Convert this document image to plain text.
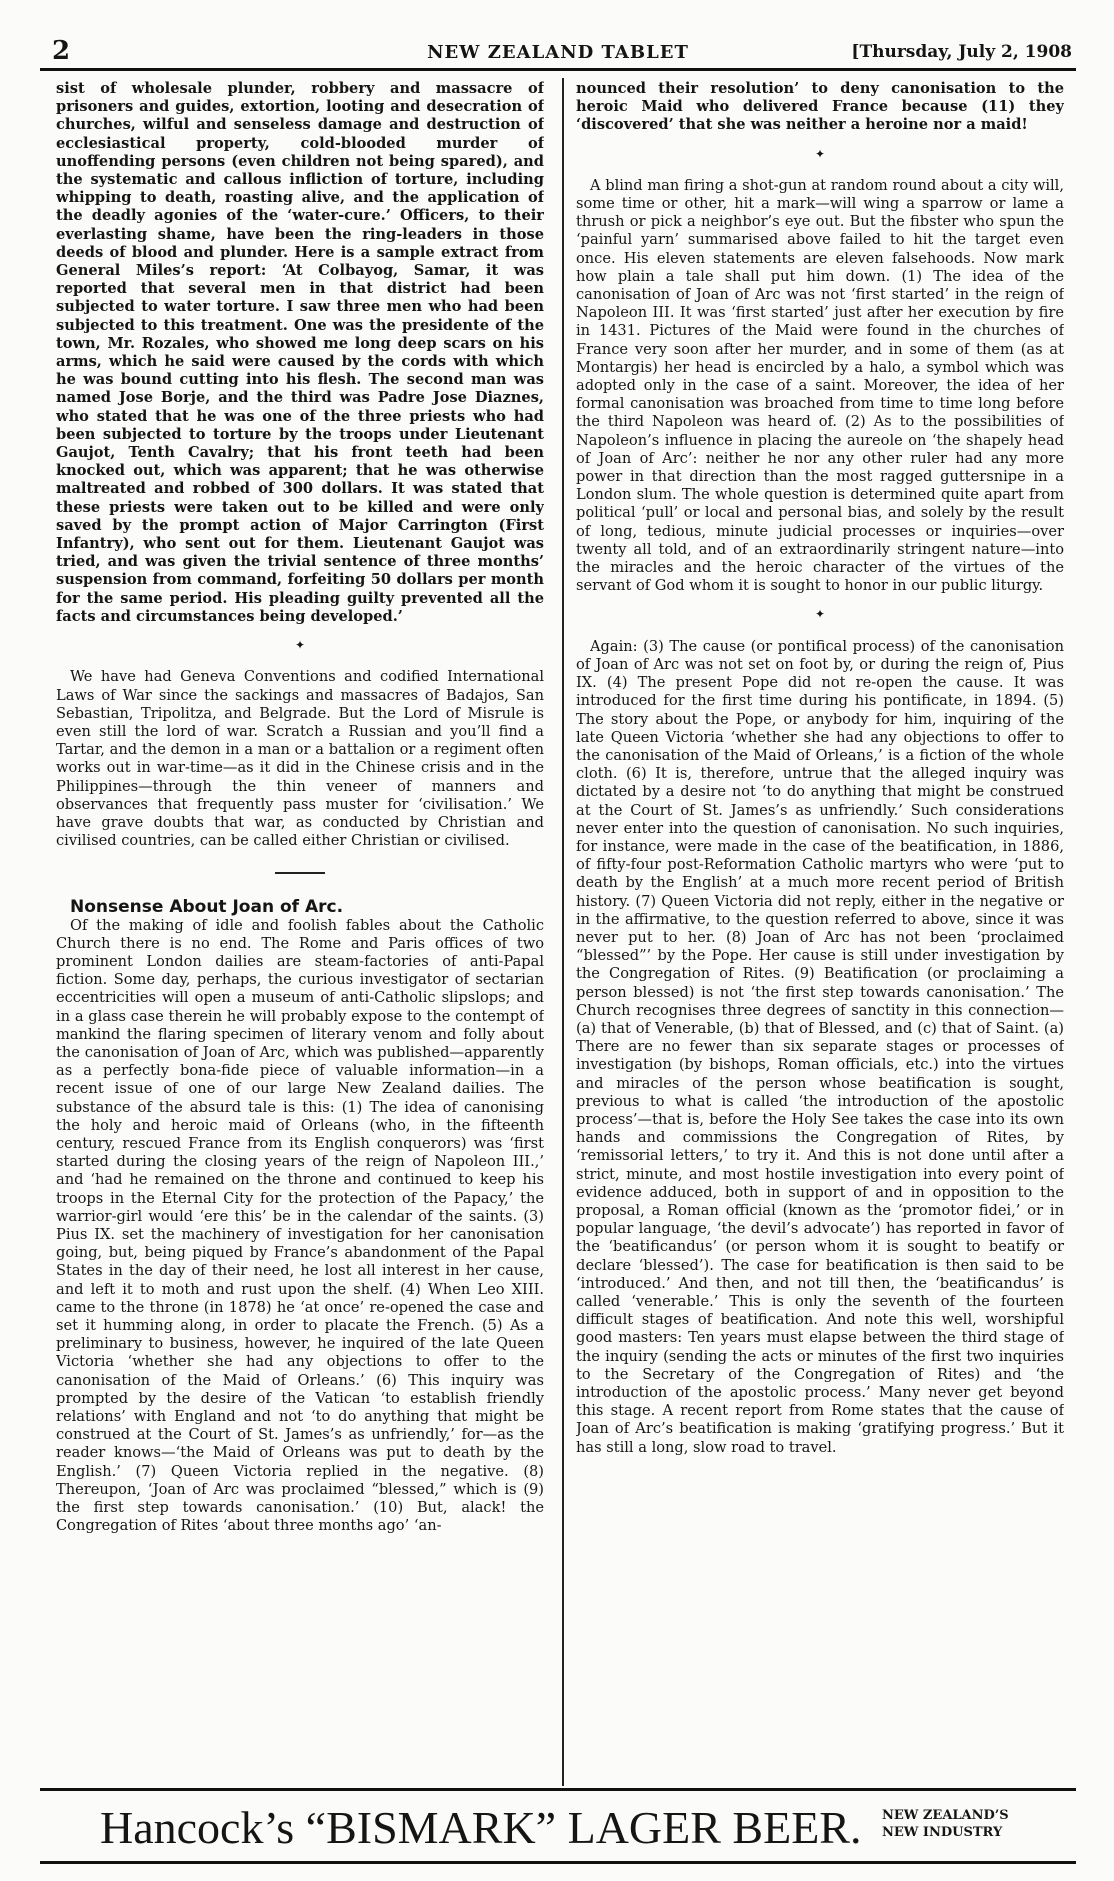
2	NEW ZEALAND TABLET	[Thursday, July 2, 1908

sist of wholesale plunder, robbery and massacre of prisoners and guides, extortion, looting and desecration of churches, wilful and senseless damage and destruction of ecclesiastical property, cold-blooded murder of unoffending persons (even children not being spared), and the systematic and callous infliction of torture, including whipping to death, roasting alive, and the application of the deadly agonies of the ‘water-cure.’ Officers, to their everlasting shame, have been the ring-leaders in those deeds of blood and plunder. Here is a sample extract from General Miles’s report: ‘At Colbayog, Samar, it was reported that several men in that district had been subjected to water torture. I saw three men who had been subjected to this treatment. One was the presidente of the town, Mr. Rozales, who showed me long deep scars on his arms, which he said were caused by the cords with which he was bound cutting into his flesh. The second man was named Jose Borje, and the third was Padre Jose Diaznes, who stated that he was one of the three priests who had been subjected to torture by the troops under Lieutenant Gaujot, Tenth Cavalry; that his front teeth had been knocked out, which was apparent; that he was otherwise maltreated and robbed of 300 dollars. It was stated that these priests were taken out to be killed and were only saved by the prompt action of Major Carrington (First Infantry), who sent out for them. Lieutenant Gaujot was tried, and was given the trivial sentence of three months’ suspension from command, forfeiting 50 dollars per month for the same period. His pleading guilty prevented all the facts and circumstances being developed.’

✦

We have had Geneva Conventions and codified International Laws of War since the sackings and massacres of Badajos, San Sebastian, Tripolitza, and Belgrade. But the Lord of Misrule is even still the lord of war. Scratch a Russian and you’ll find a Tartar, and the demon in a man or a battalion or a regiment often works out in war-time—as it did in the Chinese crisis and in the Philippines—through the thin veneer of manners and observances that frequently pass muster for ‘civilisation.’ We have grave doubts that war, as conducted by Christian and civilised countries, can be called either Christian or civilised.

Nonsense About Joan of Arc.

Of the making of idle and foolish fables about the Catholic Church there is no end. The Rome and Paris offices of two prominent London dailies are steam-factories of anti-Papal fiction. Some day, perhaps, the curious investigator of sectarian eccentricities will open a museum of anti-Catholic slipslops; and in a glass case therein he will probably expose to the contempt of mankind the flaring specimen of literary venom and folly about the canonisation of Joan of Arc, which was published—apparently as a perfectly bona-fide piece of valuable information—in a recent issue of one of our large New Zealand dailies. The substance of the absurd tale is this: (1) The idea of canonising the holy and heroic maid of Orleans (who, in the fifteenth century, rescued France from its English conquerors) was ‘first started during the closing years of the reign of Napoleon III.,’ and ‘had he remained on the throne and continued to keep his troops in the Eternal City for the protection of the Papacy,’ the warrior-girl would ‘ere this’ be in the calendar of the saints. (3) Pius IX. set the machinery of investigation for her canonisation going, but, being piqued by France’s abandonment of the Papal States in the day of their need, he lost all interest in her cause, and left it to moth and rust upon the shelf. (4) When Leo XIII. came to the throne (in 1878) he ‘at once’ re-opened the case and set it humming along, in order to placate the French. (5) As a preliminary to business, however, he inquired of the late Queen Victoria ‘whether she had any objections to offer to the canonisation of the Maid of Orleans.’ (6) This inquiry was prompted by the desire of the Vatican ‘to establish friendly relations’ with England and not ‘to do anything that might be construed at the Court of St. James’s as unfriendly,’ for—as the reader knows—‘the Maid of Orleans was put to death by the English.’ (7) Queen Victoria replied in the negative. (8) Thereupon, ‘Joan of Arc was proclaimed “blessed,” which is (9) the first step towards canonisation.’ (10) But, alack! the Congregation of Rites ‘about three months ago’ ‘an-

nounced their resolution’ to deny canonisation to the heroic Maid who delivered France because (11) they ‘discovered’ that she was neither a heroine nor a maid!

✦

A blind man firing a shot-gun at random round about a city will, some time or other, hit a mark—will wing a sparrow or lame a thrush or pick a neighbor’s eye out. But the fibster who spun the ‘painful yarn’ summarised above failed to hit the target even once. His eleven statements are eleven falsehoods. Now mark how plain a tale shall put him down. (1) The idea of the canonisation of Joan of Arc was not ‘first started’ in the reign of Napoleon III. It was ‘first started’ just after her execution by fire in 1431. Pictures of the Maid were found in the churches of France very soon after her murder, and in some of them (as at Montargis) her head is encircled by a halo, a symbol which was adopted only in the case of a saint. Moreover, the idea of her formal canonisation was broached from time to time long before the third Napoleon was heard of. (2) As to the possibilities of Napoleon’s influence in placing the aureole on ‘the shapely head of Joan of Arc’: neither he nor any other ruler had any more power in that direction than the most ragged guttersnipe in a London slum. The whole question is determined quite apart from political ‘pull’ or local and personal bias, and solely by the result of long, tedious, minute judicial processes or inquiries—over twenty all told, and of an extraordinarily stringent nature—into the miracles and the heroic character of the virtues of the servant of God whom it is sought to honor in our public liturgy.

✦

Again: (3) The cause (or pontifical process) of the canonisation of Joan of Arc was not set on foot by, or during the reign of, Pius IX. (4) The present Pope did not re-open the cause. It was introduced for the first time during his pontificate, in 1894. (5) The story about the Pope, or anybody for him, inquiring of the late Queen Victoria ‘whether she had any objections to offer to the canonisation of the Maid of Orleans,’ is a fiction of the whole cloth. (6) It is, therefore, untrue that the alleged inquiry was dictated by a desire not ‘to do anything that might be construed at the Court of St. James’s as unfriendly.’ Such considerations never enter into the question of canonisation. No such inquiries, for instance, were made in the case of the beatification, in 1886, of fifty-four post-Reformation Catholic martyrs who were ‘put to death by the English’ at a much more recent period of British history. (7) Queen Victoria did not reply, either in the negative or in the affirmative, to the question referred to above, since it was never put to her. (8) Joan of Arc has not been ‘proclaimed “blessed”’ by the Pope. Her cause is still under investigation by the Congregation of Rites. (9) Beatification (or proclaiming a person blessed) is not ‘the first step towards canonisation.’ The Church recognises three degrees of sanctity in this connection—(a) that of Venerable, (b) that of Blessed, and (c) that of Saint. (a) There are no fewer than six separate stages or processes of investigation (by bishops, Roman officials, etc.) into the virtues and miracles of the person whose beatification is sought, previous to what is called ‘the introduction of the apostolic process’—that is, before the Holy See takes the case into its own hands and commissions the Congregation of Rites, by ‘remissorial letters,’ to try it. And this is not done until after a strict, minute, and most hostile investigation into every point of evidence adduced, both in support of and in opposition to the proposal, a Roman official (known as the ‘promotor fidei,’ or in popular language, ‘the devil’s advocate’) has reported in favor of the ‘beatificandus’ (or person whom it is sought to beatify or declare ‘blessed’). The case for beatification is then said to be ‘introduced.’ And then, and not till then, the ‘beatificandus’ is called ‘venerable.’ This is only the seventh of the fourteen difficult stages of beatification. And note this well, worshipful good masters: Ten years must elapse between the third stage of the inquiry (sending the acts or minutes of the first two inquiries to the Secretary of the Congregation of Rites) and ‘the introduction of the apostolic process.’ Many never get beyond this stage. A recent report from Rome states that the cause of Joan of Arc’s beatification is making ‘gratifying progress.’ But it has still a long, slow road to travel.

Hancock’s “BISMARK” LAGER BEER. NEW ZEALAND’S
NEW INDUSTRY
